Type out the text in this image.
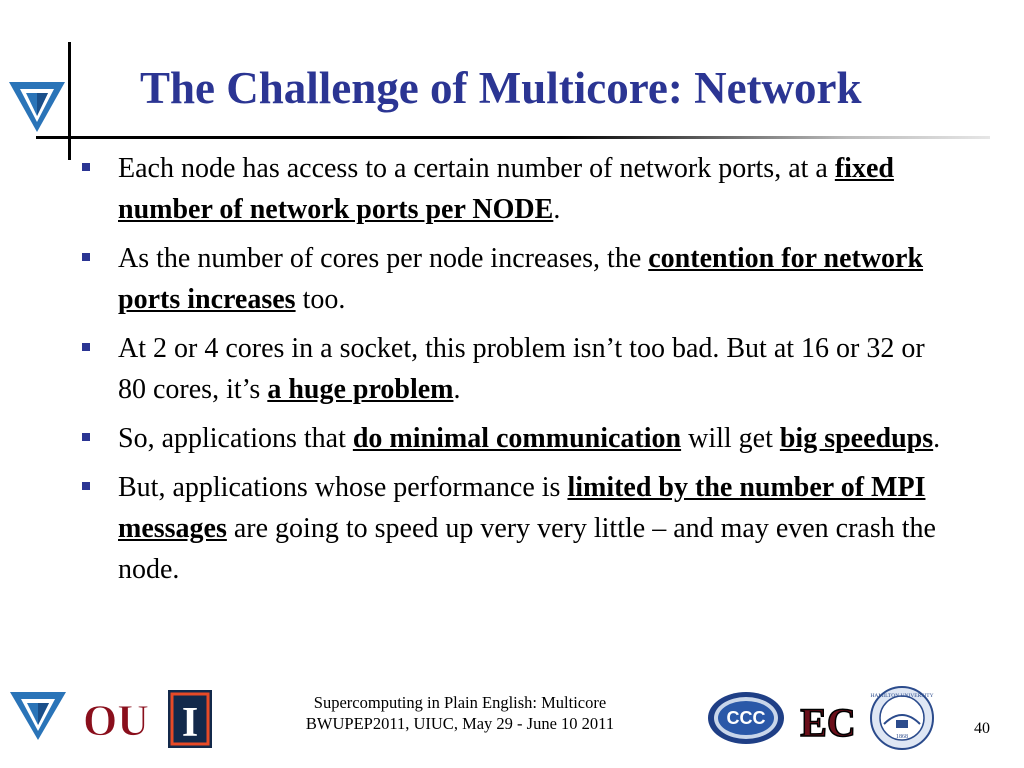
The Challenge of Multicore: Network
Each node has access to a certain number of network ports, at a fixed number of network ports per NODE.
As the number of cores per node increases, the contention for network ports increases too.
At 2 or 4 cores in a socket, this problem isn’t too bad. But at 16 or 32 or 80 cores, it’s a huge problem.
So, applications that do minimal communication will get big speedups.
But, applications whose performance is limited by the number of MPI messages are going to speed up very very little – and may even crash the node.
OU I	CCC EC	1868
HAMILTON UNIVERSITY
Supercomputing in Plain English: Multicore
BWUPEP2011, UIUC, May 29 - June 10 2011	40
